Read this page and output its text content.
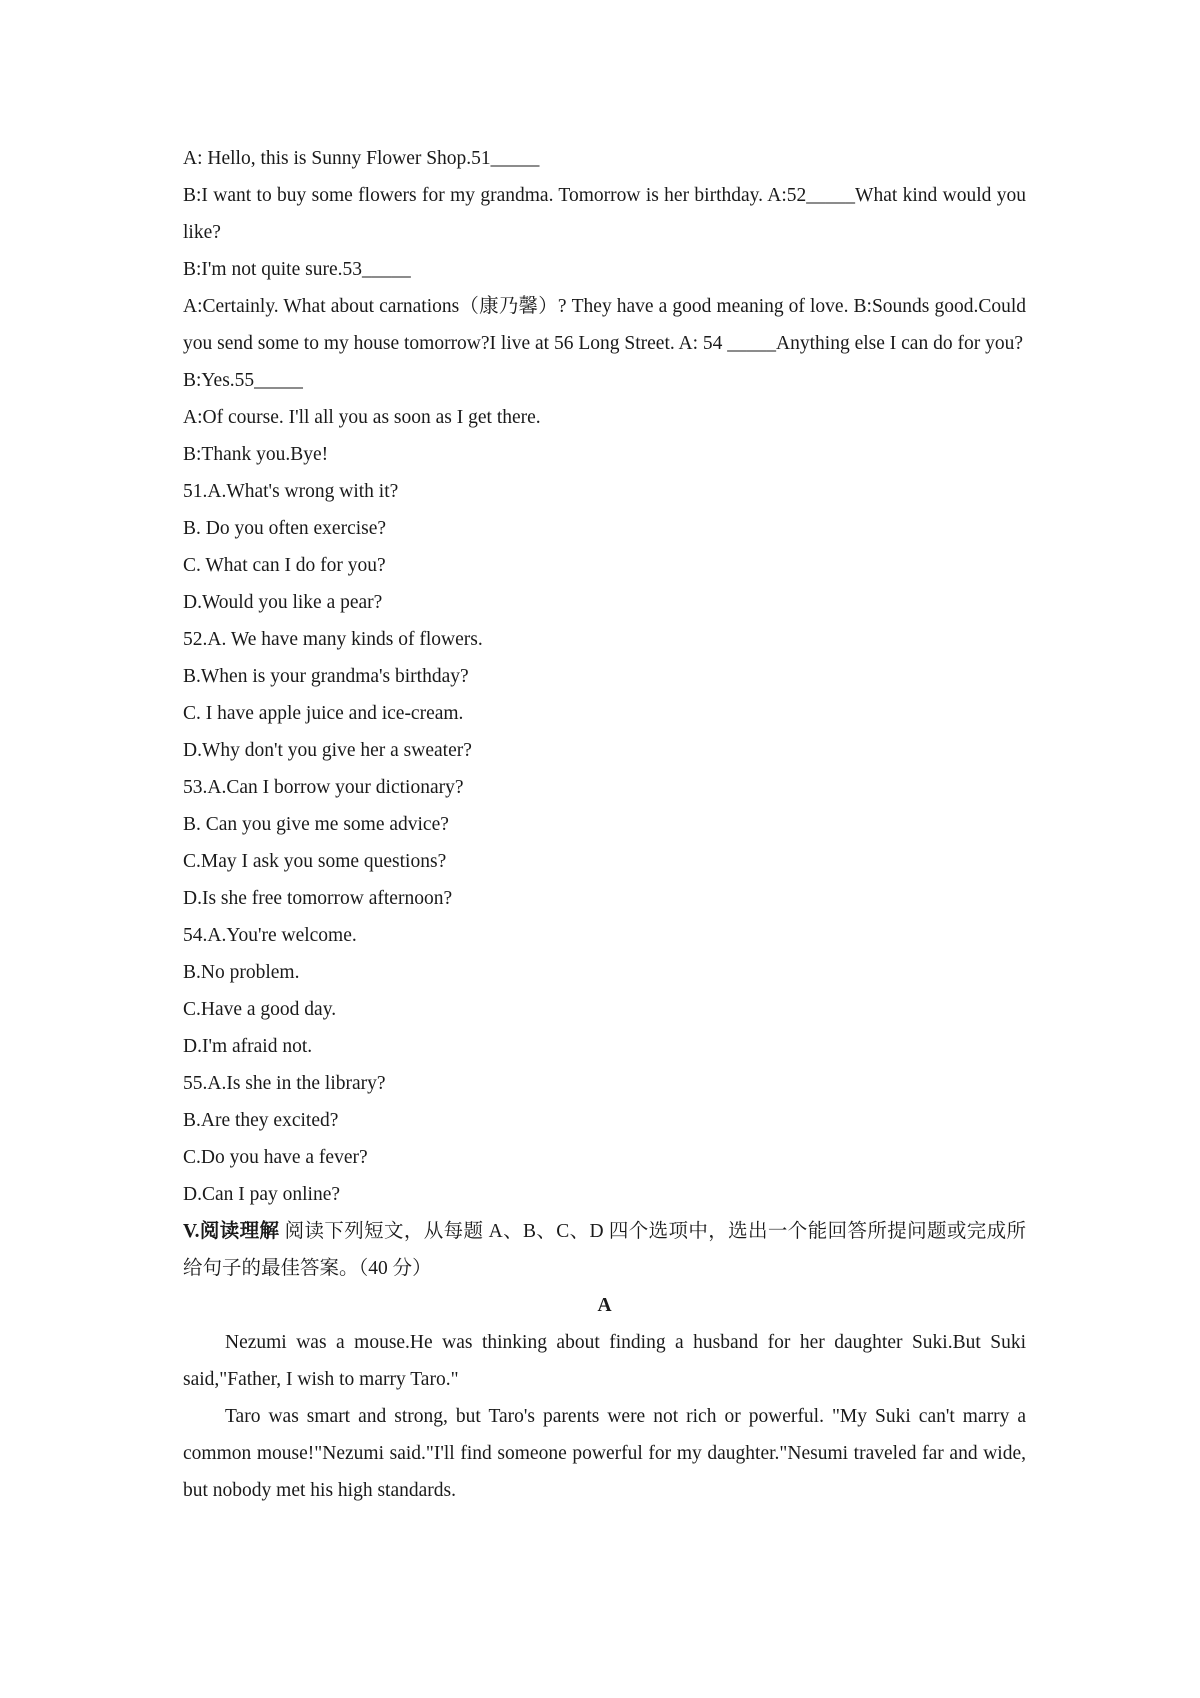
A: Hello, this is Sunny Flower Shop.51_____

B:I want to buy some flowers for my grandma. Tomorrow is her birthday. A:52_____What kind would you like?

B:I'm not quite sure.53_____

A:Certainly. What about carnations（康乃馨）? They have a good meaning of love. B:Sounds good.Could you send some to my house tomorrow?I live at 56 Long Street. A: 54 _____Anything else I can do for you?

B:Yes.55_____

A:Of course. I'll all you as soon as I get there.

B:Thank you.Bye!

51.A.What's wrong with it?

B. Do you often exercise?

C. What can I do for you?

D.Would you like a pear?

52.A. We have many kinds of flowers.

B.When is your grandma's birthday?

C. I have apple juice and ice-cream.

D.Why don't you give her a sweater?

53.A.Can I borrow your dictionary?

B. Can you give me some advice?

C.May I ask you some questions?

D.Is she free tomorrow afternoon?

54.A.You're welcome.

B.No problem.

C.Have a good day.

D.I'm afraid not.

55.A.Is she in the library?

B.Are they excited?

C.Do you have a fever?

D.Can I pay online?

V.阅读理解 阅读下列短文，从每题 A、B、C、D 四个选项中，选出一个能回答所提问题或完成所给句子的最佳答案。（40 分）

A

Nezumi was a mouse.He was thinking about finding a husband for her daughter Suki.But Suki said,"Father, I wish to marry Taro."

Taro was smart and strong, but Taro's parents were not rich or powerful. "My Suki can't marry a common mouse!"Nezumi said."I'll find someone powerful for my daughter."Nesumi traveled far and wide, but nobody met his high standards.
